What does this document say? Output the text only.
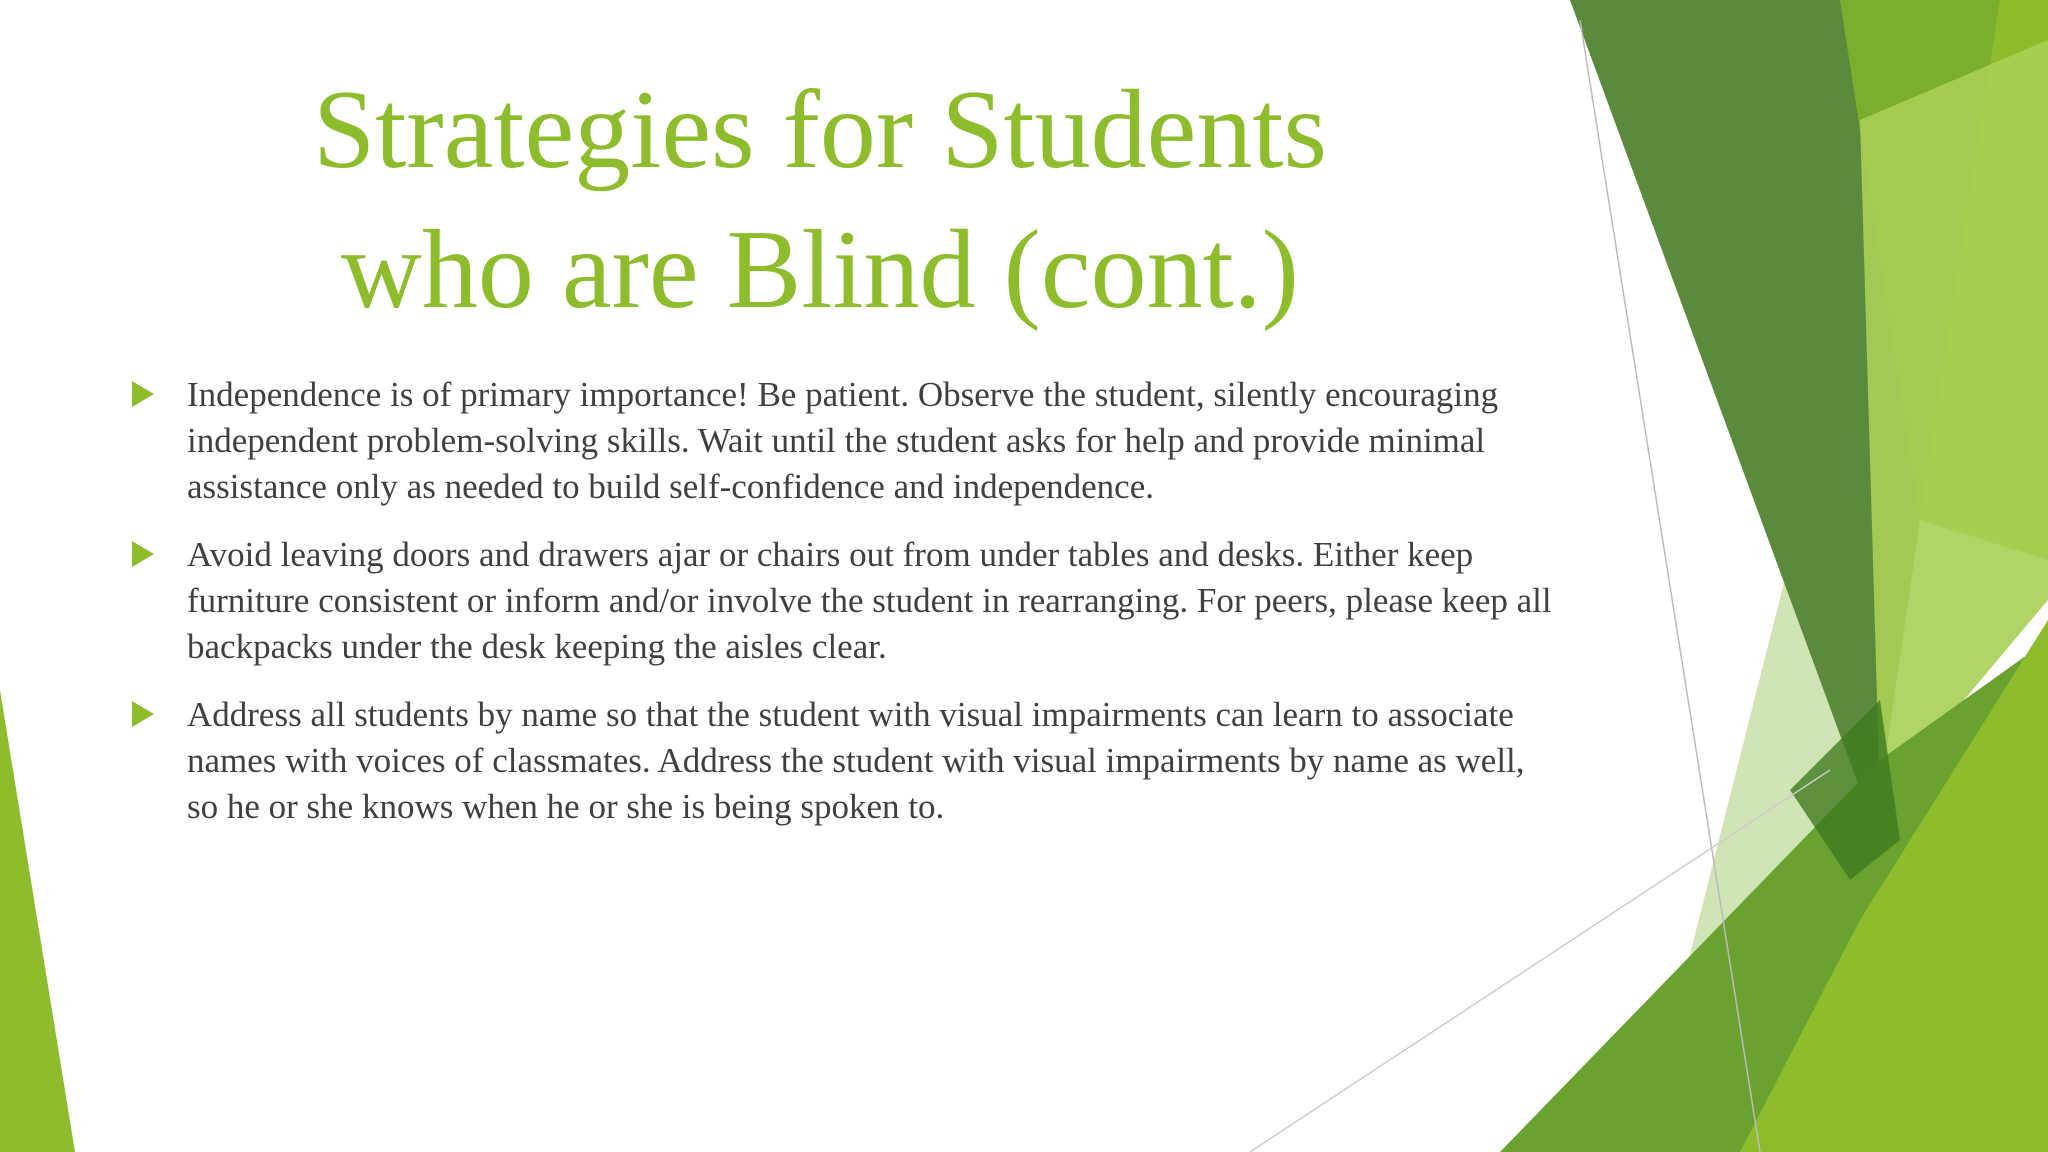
Strategies for Students
who are Blind (cont.)
Independence is of primary importance! Be patient. Observe the student, silently encouraging independent problem-solving skills. Wait until the student asks for help and provide minimal assistance only as needed to build self-confidence and independence.
Avoid leaving doors and drawers ajar or chairs out from under tables and desks. Either keep furniture consistent or inform and/or involve the student in rearranging. For peers, please keep all backpacks under the desk keeping the aisles clear.
Address all students by name so that the student with visual impairments can learn to associate names with voices of classmates. Address the student with visual impairments by name as well, so he or she knows when he or she is being spoken to.
